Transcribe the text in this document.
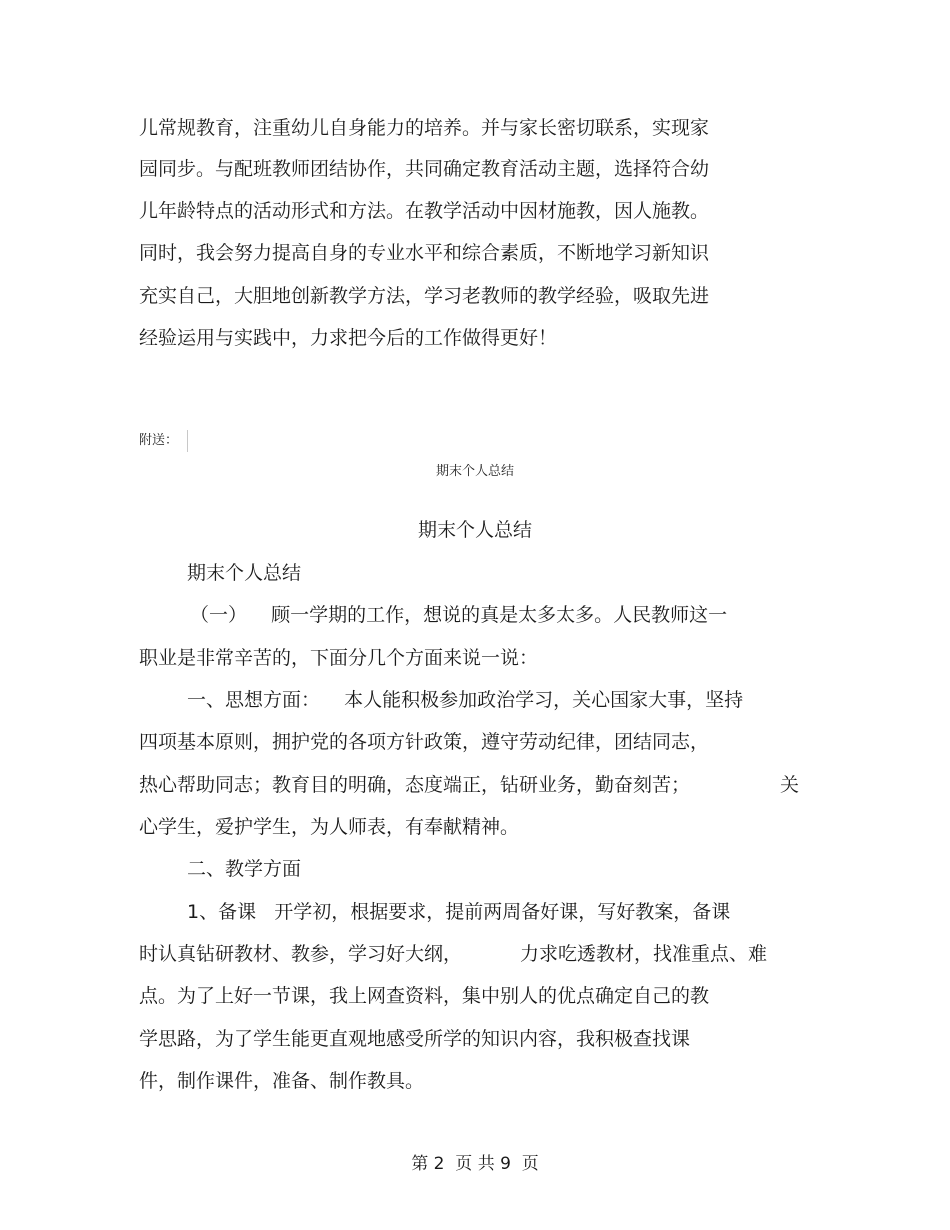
儿常规教育，注重幼儿自身能力的培养。并与家长密切联系，实现家

园同步。与配班教师团结协作，共同确定教育活动主题，选择符合幼

儿年龄特点的活动形式和方法。在教学活动中因材施教，因人施教。

同时，我会努力提高自身的专业水平和综合素质，不断地学习新知识

充实自己，大胆地创新教学方法，学习老教师的教学经验，吸取先进

经验运用与实践中，力求把今后的工作做得更好！

附送：

期末个人总结

期末个人总结

期末个人总结

（一）    顾一学期的工作，想说的真是太多太多。人民教师这一

职业是非常辛苦的，下面分几个方面来说一说：

一、思想方面：    本人能积极参加政治学习，关心国家大事，坚持

四项基本原则，拥护党的各项方针政策，遵守劳动纪律，团结同志，

热心帮助同志；教育目的明确，态度端正，钻研业务，勤奋刻苦；	关

心学生，爱护学生，为人师表，有奉献精神。

二、教学方面

1、备课   开学初，根据要求，提前两周备好课，写好教案，备课

时认真钻研教材、教参，学习好大纲，	力求吃透教材，找准重点、难

点。为了上好一节课，我上网查资料，集中别人的优点确定自己的教

学思路，为了学生能更直观地感受所学的知识内容，我积极查找课

件，制作课件，准备、制作教具。

第 2  页 共 9  页
